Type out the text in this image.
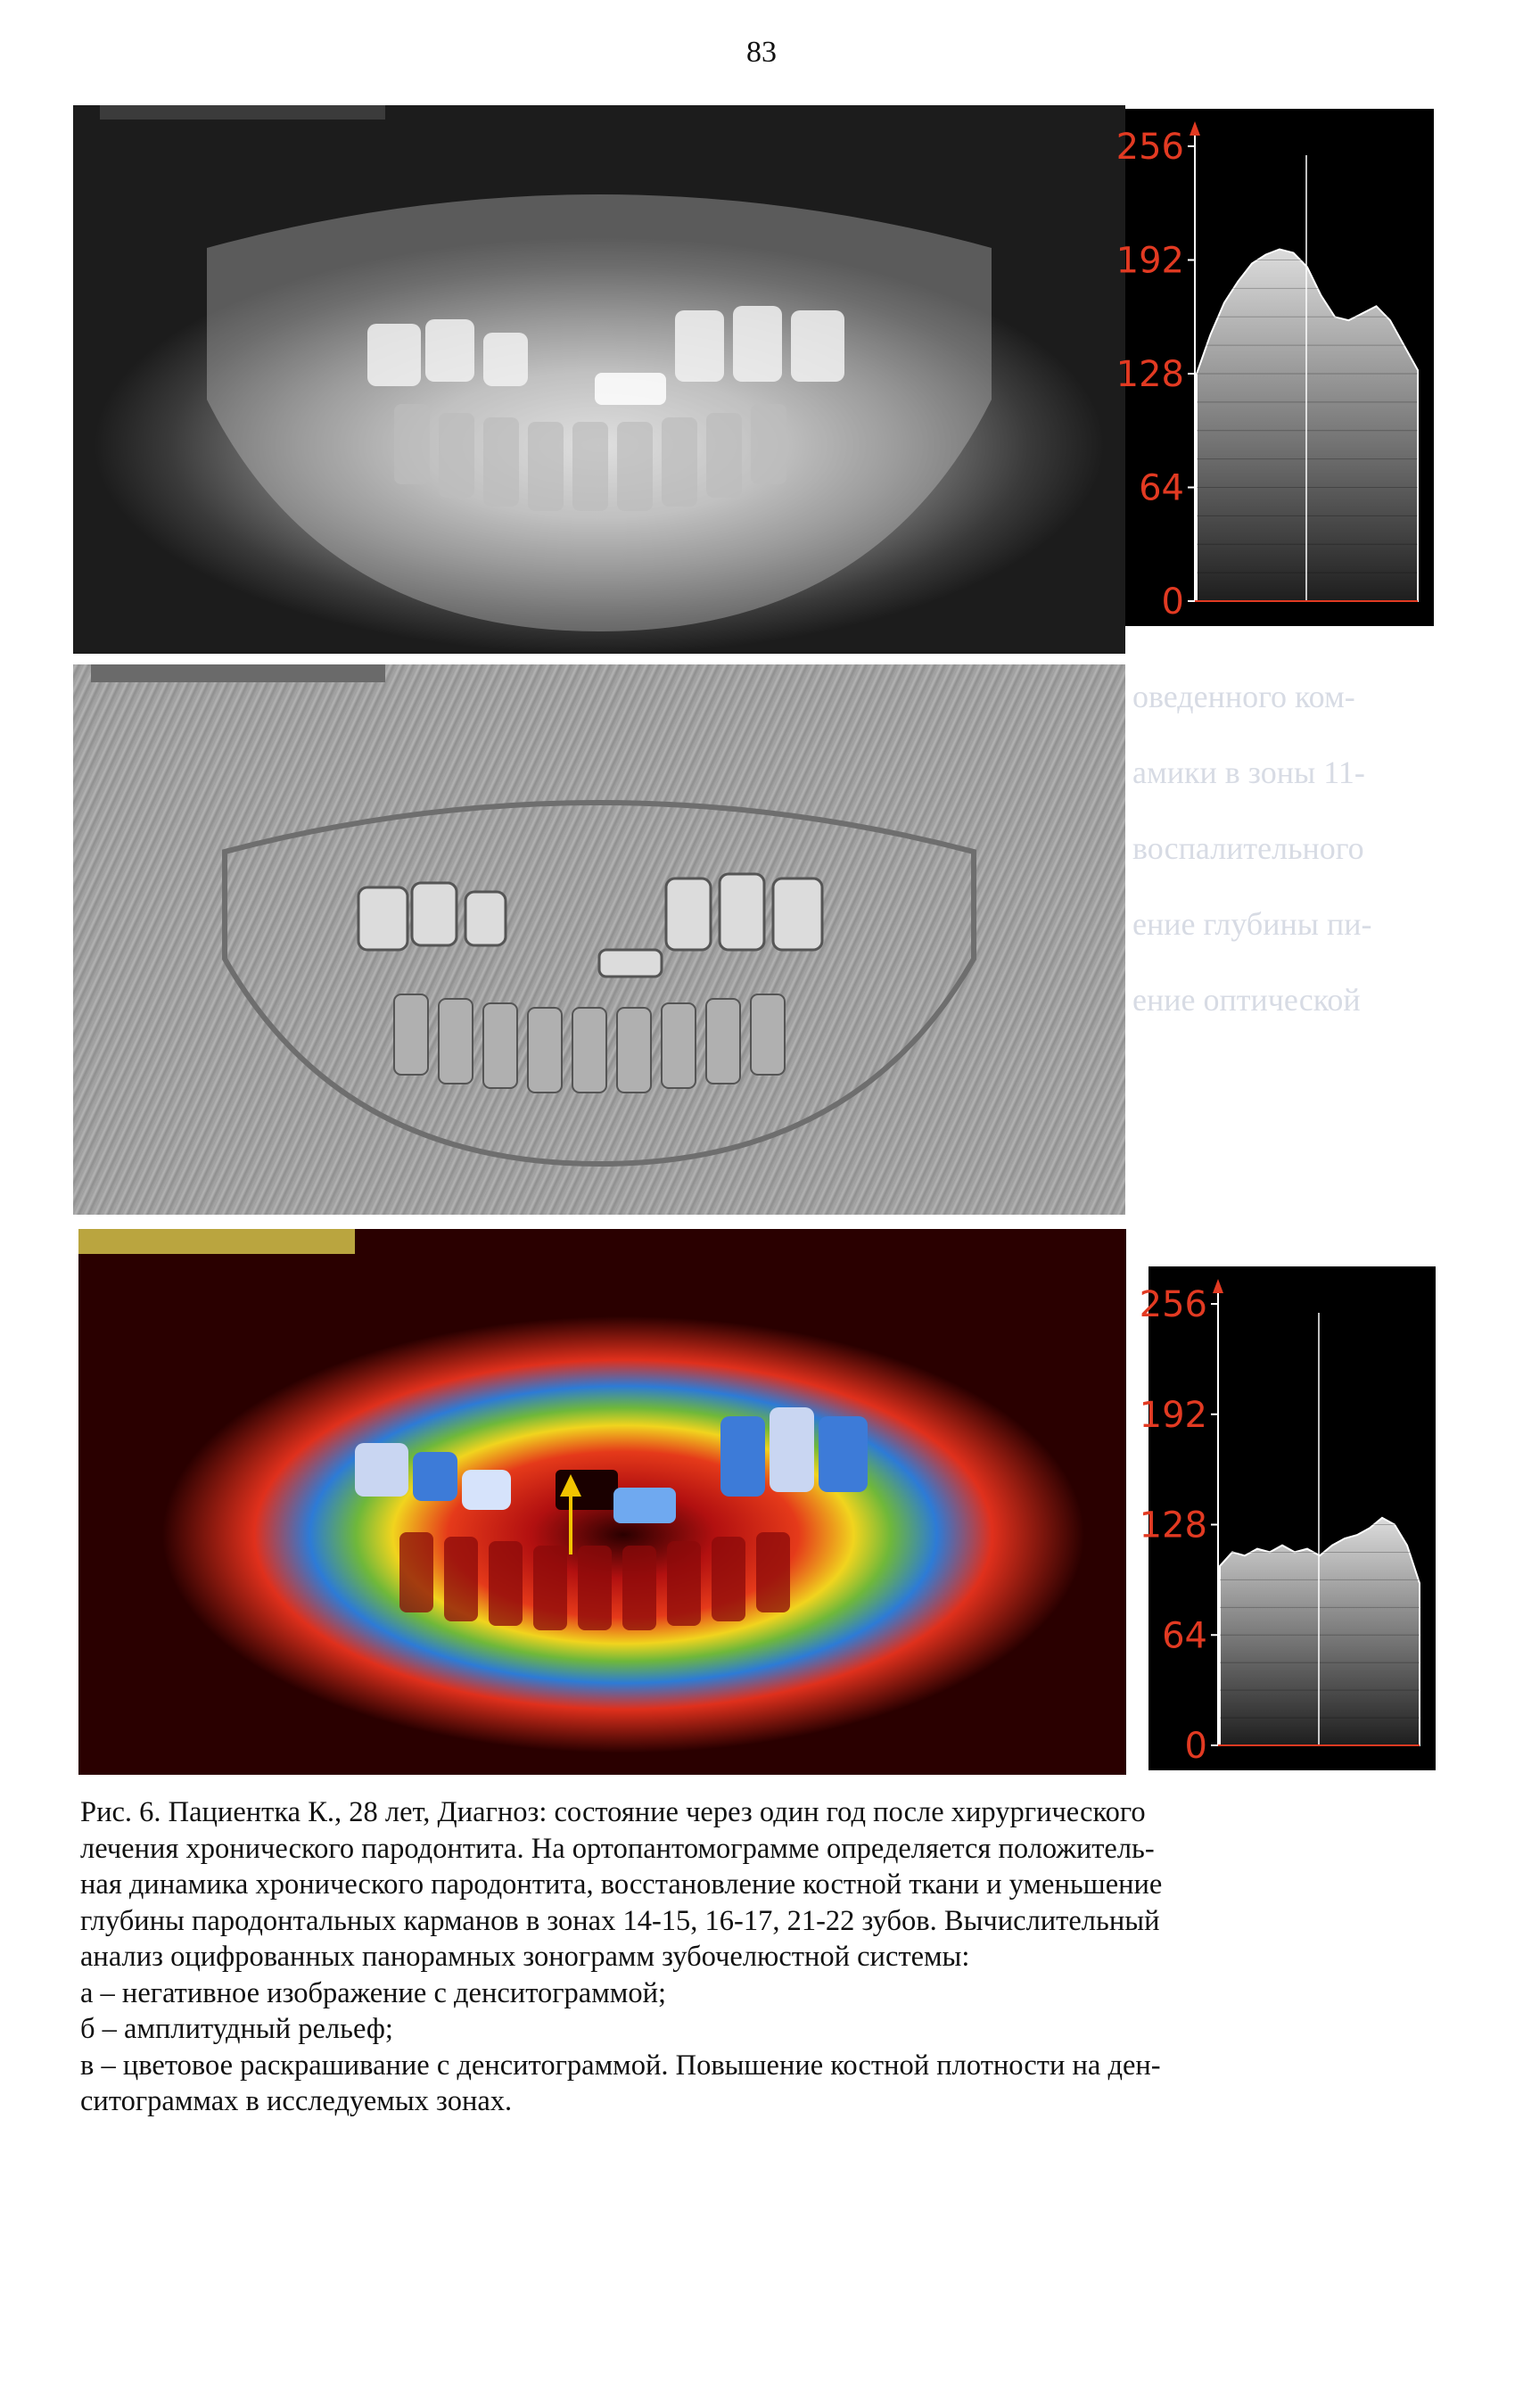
83
0
64
128
192
256
оведенного ком-
амики в зоны 11-
воспалительного
ение глубины пи-
ение оптической
0
64
128
192
256

Рис. 6. Пациентка К., 28 лет, Диагноз: состояние через один год после хирургического

лечения хронического пародонтита. На ортопантомограмме определяется положитель-

ная динамика хронического пародонтита, восстановление костной ткани и уменьшение

глубины пародонтальных карманов в зонах 14-15, 16-17, 21-22 зубов. Вычислительный

анализ оцифрованных панорамных зонограмм зубочелюстной системы:

а – негативное изображение с денситограммой;

б – амплитудный рельеф;

в – цветовое раскрашивание с денситограммой. Повышение костной плотности на ден-

ситограммах в исследуемых зонах.
